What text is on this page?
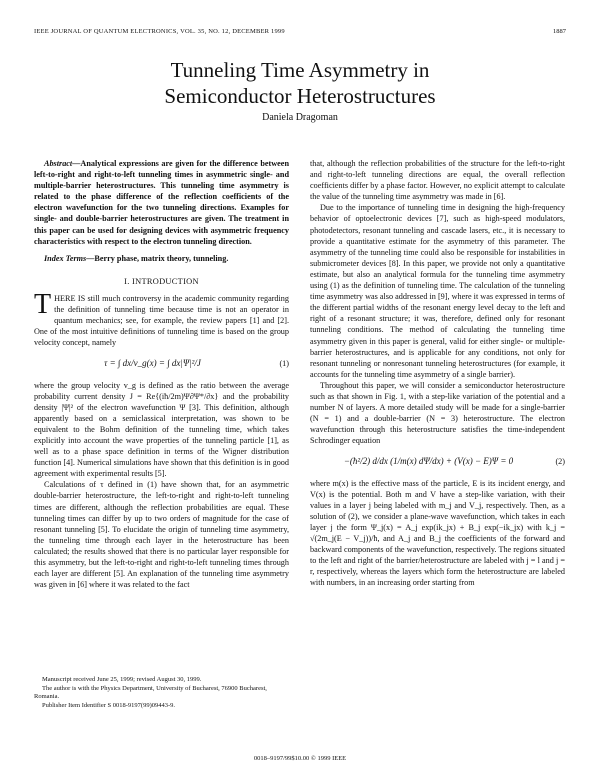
IEEE JOURNAL OF QUANTUM ELECTRONICS, VOL. 35, NO. 12, DECEMBER 1999	1887
Tunneling Time Asymmetry in
Semiconductor Heterostructures
Daniela Dragoman

Abstract—Analytical expressions are given for the difference between left-to-right and right-to-left tunneling times in asymmetric single- and multiple-barrier heterostructures. This tunneling time asymmetry is related to the phase difference of the reflection coefficients of the electron wavefunction for the two tunneling directions. Examples for single- and double-barrier heterostructures are given. The treatment in this paper can be used for designing devices with asymmetric frequency characteristics with respect to the electron tunneling direction.

Index Terms—Berry phase, matrix theory, tunneling.

I. INTRODUCTION

THERE IS still much controversy in the academic community regarding the definition of tunneling time because time is not an operator in quantum mechanics; see, for example, the review papers [1] and [2]. One of the most intuitive definitions of tunneling time is based on the group velocity concept, namely

τ = ∫ dx/v_g(x) = ∫ dx|Ψ|²/J	(1)

where the group velocity v_g is defined as the ratio between the average probability current density J = Re{(iħ/2m)Ψ∂Ψ*/∂x} and the probability density |Ψ|² of the electron wavefunction Ψ [3]. This definition, although apparently based on a semiclassical interpretation, was shown to be equivalent to the Bohm definition of the tunneling time, which takes explicitly into account the wave properties of the tunneling particle [1], as well as to a phase space definition in terms of the Wigner distribution function [4]. Numerical simulations have shown that this definition is in good agreement with experimental results [5].

Calculations of τ defined in (1) have shown that, for an asymmetric double-barrier heterostructure, the left-to-right and right-to-left tunneling times are different, although the reflection probabilities are equal. These tunneling times can differ by up to two orders of magnitude for the case of resonant tunneling [5]. To elucidate the origin of tunneling time asymmetry, the tunneling time through each layer in the heterostructure has been calculated; the results showed that there is no particular layer responsible for this asymmetry, but the left-to-right and right-to-left tunneling times through each layer are different [5]. An explanation of the tunneling time asymmetry was given in [6] where it was related to the fact

that, although the reflection probabilities of the structure for the left-to-right and right-to-left tunneling directions are equal, the overall reflection coefficients differ by a phase factor. However, no explicit attempt to calculate the value of the tunneling time asymmetry was made in [6].

Due to the importance of tunneling time in designing the high-frequency behavior of optoelectronic devices [7], such as high-speed modulators, photodetectors, resonant tunneling and cascade lasers, etc., it is necessary to provide a quantitative estimate for the asymmetry of this parameter. The asymmetry of the tunneling time could also be responsible for instabilities in submicrometer devices [8]. In this paper, we provide not only a quantitative estimate, but also an analytical formula for the tunneling time asymmetry using (1) as the definition of tunneling time. The calculation of the tunneling time asymmetry was also addressed in [9], where it was expressed in terms of the different partial widths of the resonant energy level decay to the left and right of a resonant structure; it was, therefore, defined only for resonant tunneling conditions. The method of calculating the tunneling time asymmetry given in this paper is general, valid for either single- or multiple-barrier heterostructures, and is applicable for any conditions, not only for resonant tunneling or nonresonant tunneling heterostructures (for example, it accounts for the tunneling time asymmetry of a single barrier).

Throughout this paper, we will consider a semiconductor heterostructure such as that shown in Fig. 1, with a step-like variation of the potential and a number N of layers. A more detailed study will be made for a single-barrier (N = 1) and a double-barrier (N = 3) heterostructure. The electron wavefunction through this heterostructure satisfies the time-independent Schrodinger equation

−(ħ²/2) d/dx (1/m(x) dΨ/dx) + (V(x) − E)Ψ = 0	(2)

where m(x) is the effective mass of the particle, E is its incident energy, and V(x) is the potential. Both m and V have a step-like variation, with their values in a layer j being labeled with m_j and V_j, respectively. Then, as a solution of (2), we consider a plane-wave wavefunction, which takes in each layer j the form Ψ_j(x) = A_j exp(ik_jx) + B_j exp(−ik_jx) with k_j = √(2m_j(E − V_j))/ħ, and A_j and B_j the coefficients of the forward and backward components of the wavefunction, respectively. The regions situated to the left and right of the barrier/heterostructure are labeled with j = l and j = r, respectively, whereas the layers which form the heterostructure are labeled with numbers, in an increasing order starting from

Manuscript received June 25, 1999; revised August 30, 1999.

The author is with the Physics Department, University of Bucharest, 76900 Bucharest, Romania.

Publisher Item Identifier S 0018-9197(99)09443-9.

0018–9197/99$10.00 © 1999 IEEE
